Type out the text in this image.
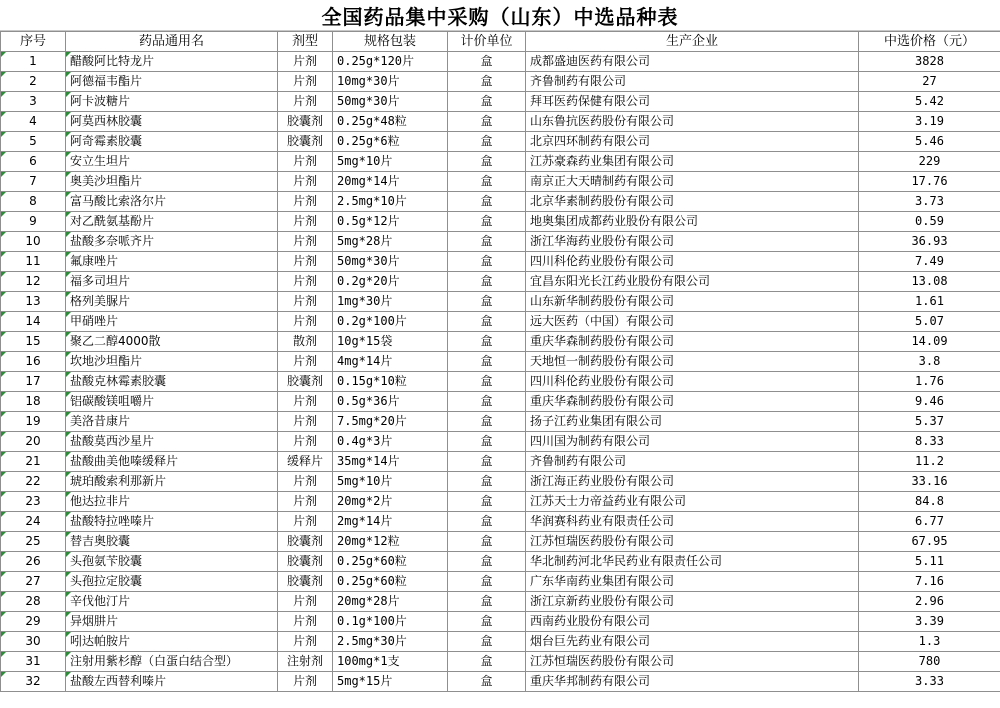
全国药品集中采购（山东）中选品种表
序号	药品通用名	剂型	规格包装	计价单位	生产企业	中选价格（元）
1	醋酸阿比特龙片	片剂	0.25g*120片	盒	成都盛迪医药有限公司	3828
2	阿德福韦酯片	片剂	10mg*30片	盒	齐鲁制药有限公司	27
3	阿卡波糖片	片剂	50mg*30片	盒	拜耳医药保健有限公司	5.42
4	阿莫西林胶囊	胶囊剂	0.25g*48粒	盒	山东鲁抗医药股份有限公司	3.19
5	阿奇霉素胶囊	胶囊剂	0.25g*6粒	盒	北京四环制药有限公司	5.46
6	安立生坦片	片剂	5mg*10片	盒	江苏豪森药业集团有限公司	229
7	奥美沙坦酯片	片剂	20mg*14片	盒	南京正大天晴制药有限公司	17.76
8	富马酸比索洛尔片	片剂	2.5mg*10片	盒	北京华素制药股份有限公司	3.73
9	对乙酰氨基酚片	片剂	0.5g*12片	盒	地奥集团成都药业股份有限公司	0.59
10	盐酸多奈哌齐片	片剂	5mg*28片	盒	浙江华海药业股份有限公司	36.93
11	氟康唑片	片剂	50mg*30片	盒	四川科伦药业股份有限公司	7.49
12	福多司坦片	片剂	0.2g*20片	盒	宜昌东阳光长江药业股份有限公司	13.08
13	格列美脲片	片剂	1mg*30片	盒	山东新华制药股份有限公司	1.61
14	甲硝唑片	片剂	0.2g*100片	盒	远大医药（中国）有限公司	5.07
15	聚乙二醇4000散	散剂	10g*15袋	盒	重庆华森制药股份有限公司	14.09
16	坎地沙坦酯片	片剂	4mg*14片	盒	天地恒一制药股份有限公司	3.8
17	盐酸克林霉素胶囊	胶囊剂	0.15g*10粒	盒	四川科伦药业股份有限公司	1.76
18	铝碳酸镁咀嚼片	片剂	0.5g*36片	盒	重庆华森制药股份有限公司	9.46
19	美洛昔康片	片剂	7.5mg*20片	盒	扬子江药业集团有限公司	5.37
20	盐酸莫西沙星片	片剂	0.4g*3片	盒	四川国为制药有限公司	8.33
21	盐酸曲美他嗪缓释片	缓释片	35mg*14片	盒	齐鲁制药有限公司	11.2
22	琥珀酸索利那新片	片剂	5mg*10片	盒	浙江海正药业股份有限公司	33.16
23	他达拉非片	片剂	20mg*2片	盒	江苏天士力帝益药业有限公司	84.8
24	盐酸特拉唑嗪片	片剂	2mg*14片	盒	华润赛科药业有限责任公司	6.77
25	替吉奥胶囊	胶囊剂	20mg*12粒	盒	江苏恒瑞医药股份有限公司	67.95
26	头孢氨苄胶囊	胶囊剂	0.25g*60粒	盒	华北制药河北华民药业有限责任公司	5.11
27	头孢拉定胶囊	胶囊剂	0.25g*60粒	盒	广东华南药业集团有限公司	7.16
28	辛伐他汀片	片剂	20mg*28片	盒	浙江京新药业股份有限公司	2.96
29	异烟肼片	片剂	0.1g*100片	盒	西南药业股份有限公司	3.39
30	吲达帕胺片	片剂	2.5mg*30片	盒	烟台巨先药业有限公司	1.3
31	注射用紫杉醇（白蛋白结合型）	注射剂	100mg*1支	盒	江苏恒瑞医药股份有限公司	780
32	盐酸左西替利嗪片	片剂	5mg*15片	盒	重庆华邦制药有限公司	3.33
